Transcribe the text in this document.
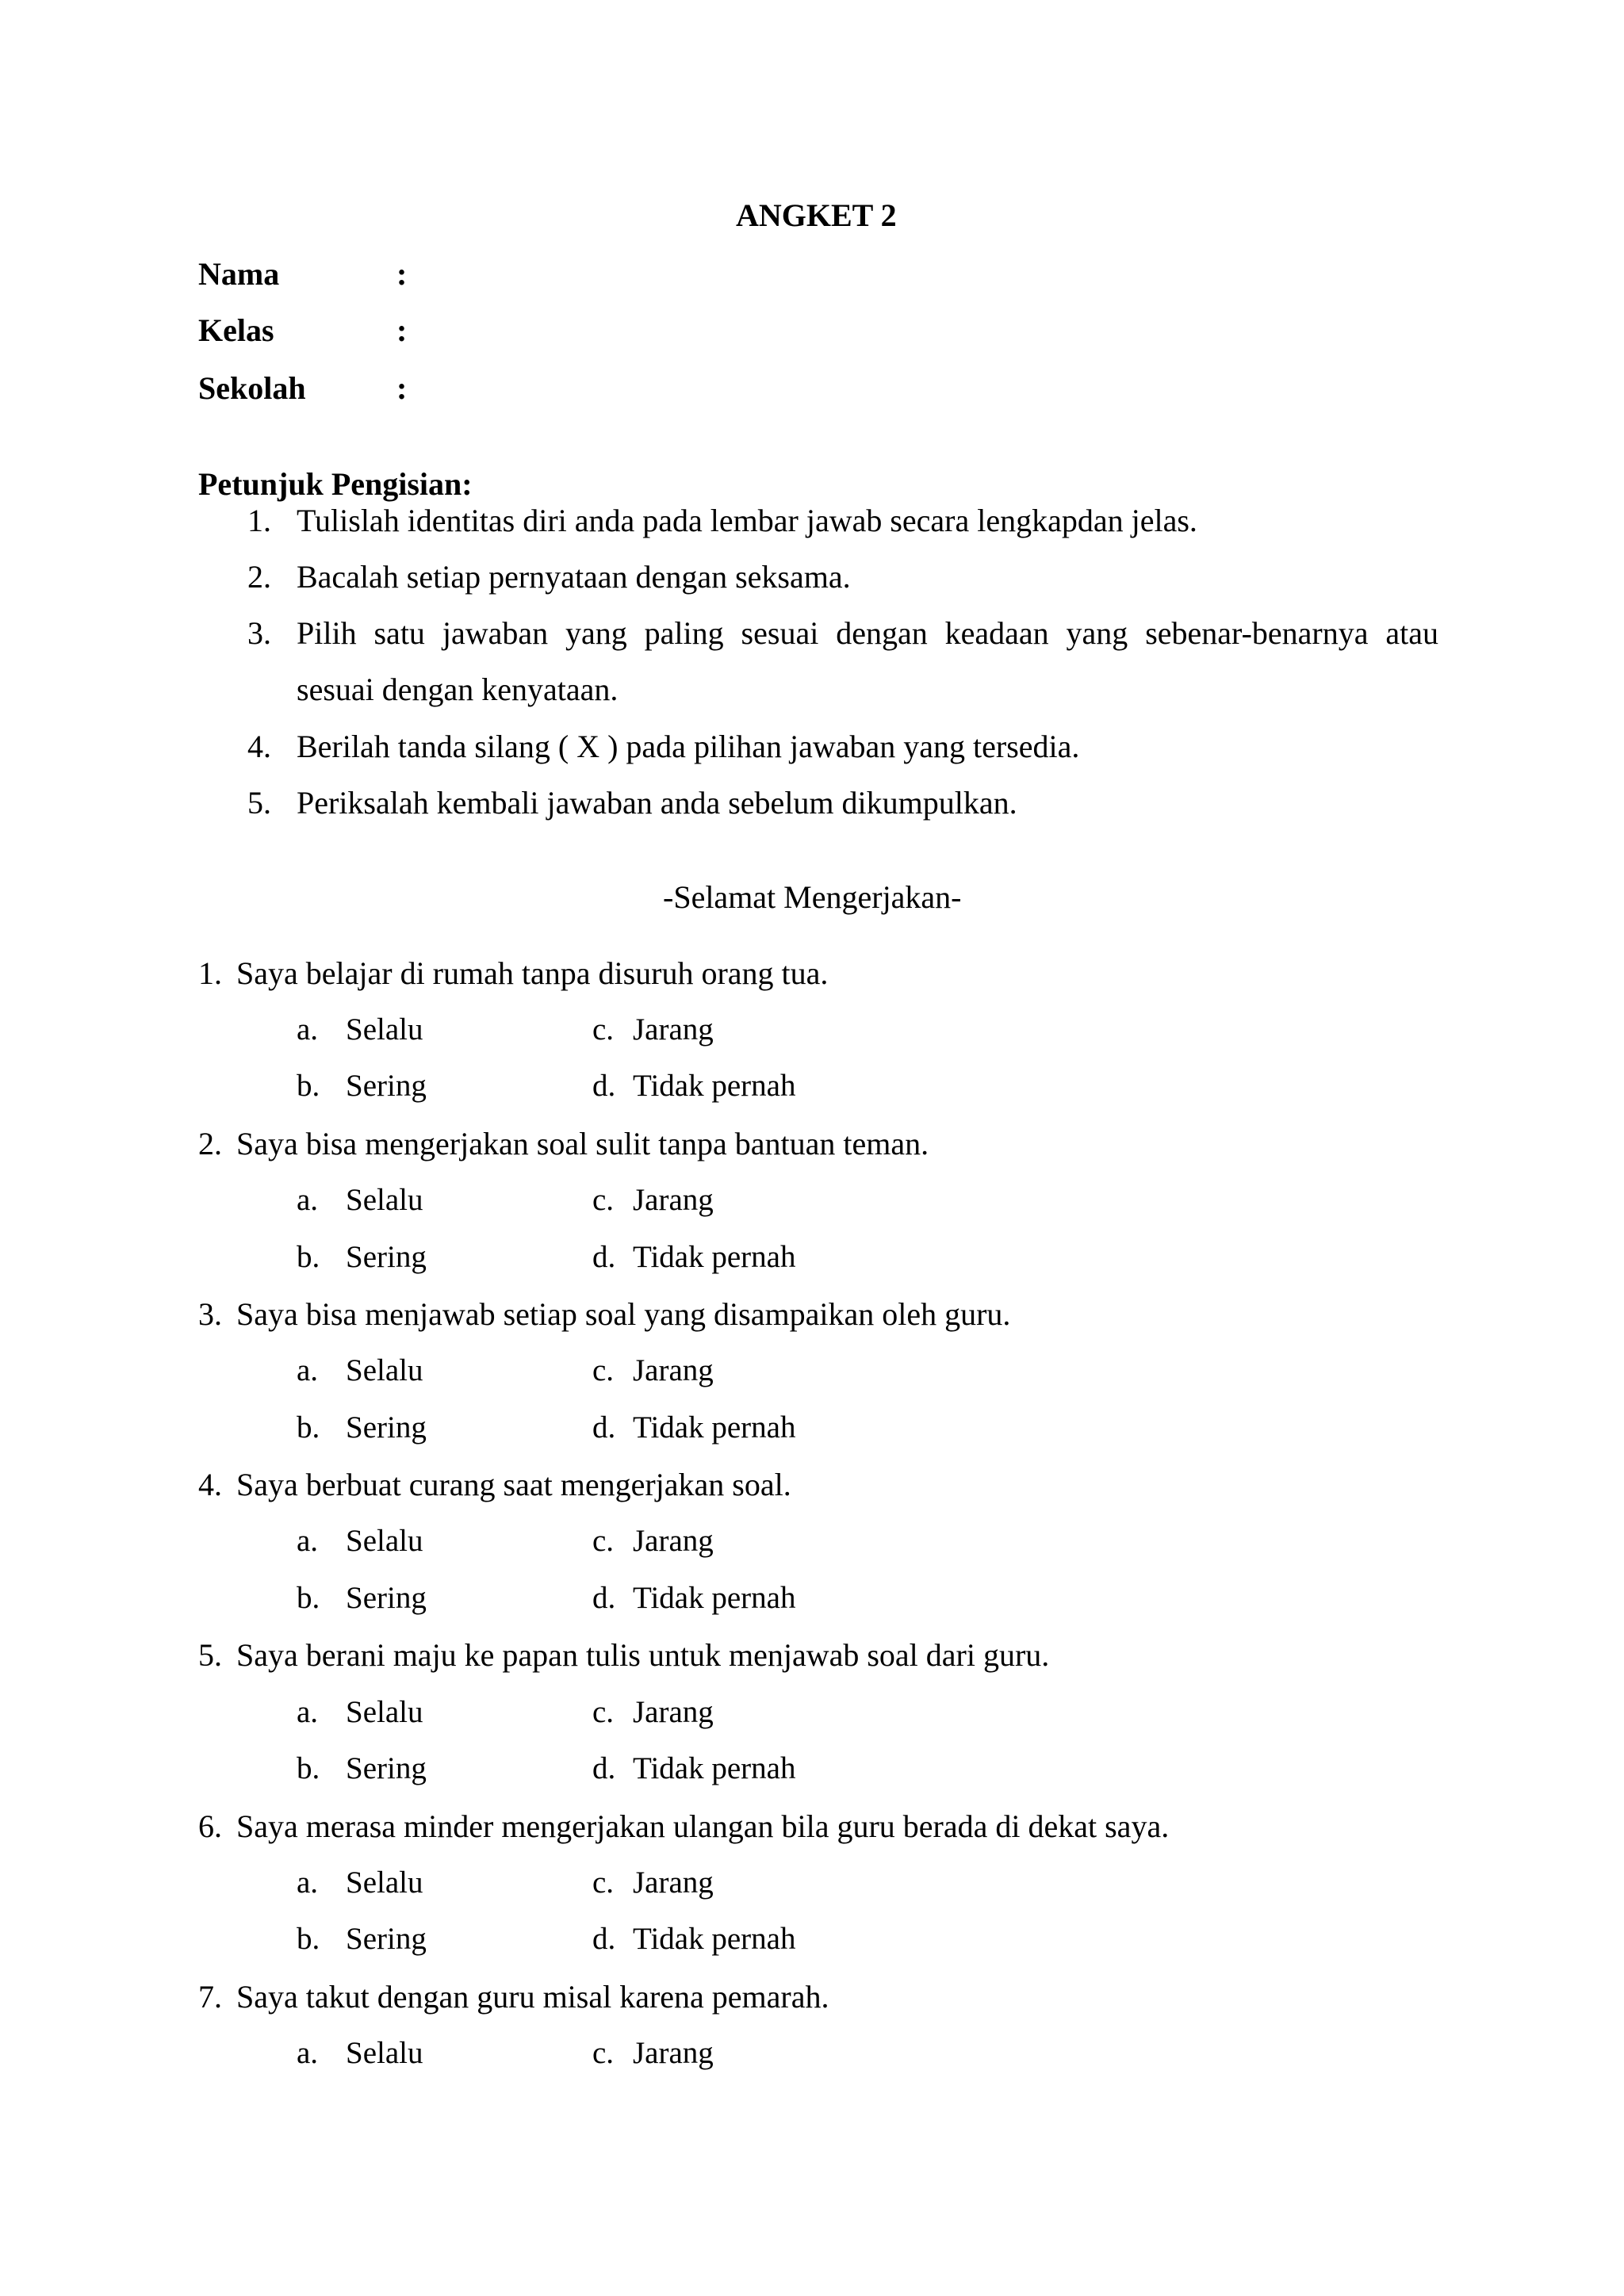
ANGKET 2
Nama	:
Kelas	:
Sekolah	:
Petunjuk Pengisian:
1. Tulislah identitas diri anda pada lembar jawab secara lengkapdan jelas.
2. Bacalah setiap pernyataan dengan seksama.
3. Pilih satu jawaban yang paling sesuai dengan keadaan yang sebenar-benarnya atau
sesuai dengan kenyataan.
4. Berilah tanda silang ( X ) pada pilihan jawaban yang tersedia.
5. Periksalah kembali jawaban anda sebelum dikumpulkan.
-Selamat Mengerjakan-
1. Saya belajar di rumah tanpa disuruh orang tua.
a. Selalu	c. Jarang
b. Sering	d. Tidak pernah
2. Saya bisa mengerjakan soal sulit tanpa bantuan teman.
a. Selalu	c. Jarang
b. Sering	d. Tidak pernah
3. Saya bisa menjawab setiap soal yang disampaikan oleh guru.
a. Selalu	c. Jarang
b. Sering	d. Tidak pernah
4. Saya berbuat curang saat mengerjakan soal.
a. Selalu	c. Jarang
b. Sering	d. Tidak pernah
5. Saya berani maju ke papan tulis untuk menjawab soal dari guru.
a. Selalu	c. Jarang
b. Sering	d. Tidak pernah
6. Saya merasa minder mengerjakan ulangan bila guru berada di dekat saya.
a. Selalu	c. Jarang
b. Sering	d. Tidak pernah
7. Saya takut dengan guru misal karena pemarah.
a. Selalu	c. Jarang
